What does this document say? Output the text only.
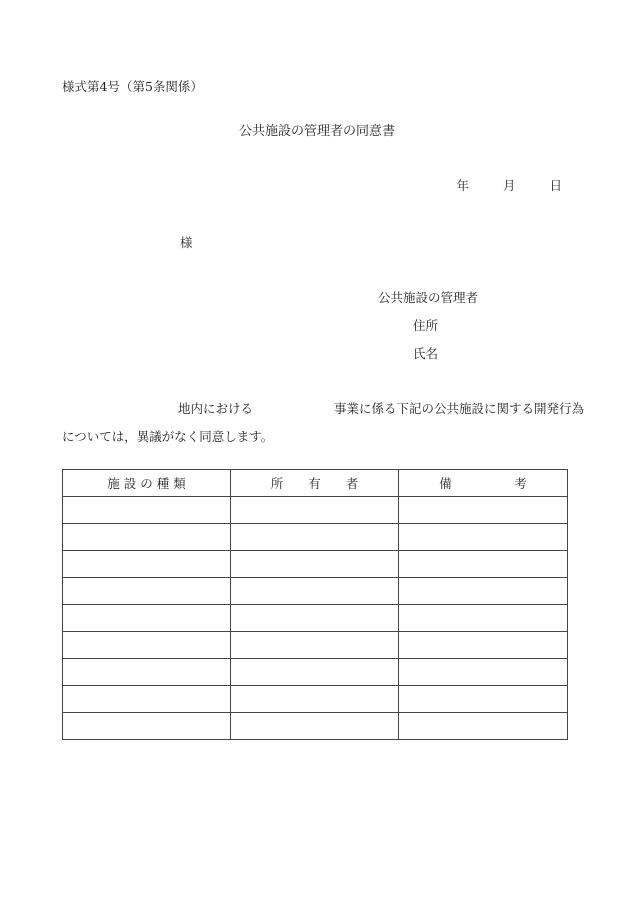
様式第4号（第5条関係）
公共施設の管理者の同意書
年	月	日
様
公共施設の管理者
住所
氏名
地内における	事業に係る下記の公共施設に関する開発行為
については，異議がなく同意します。
施 設 の 種 類	所　　有　　者	備　　　　　考
